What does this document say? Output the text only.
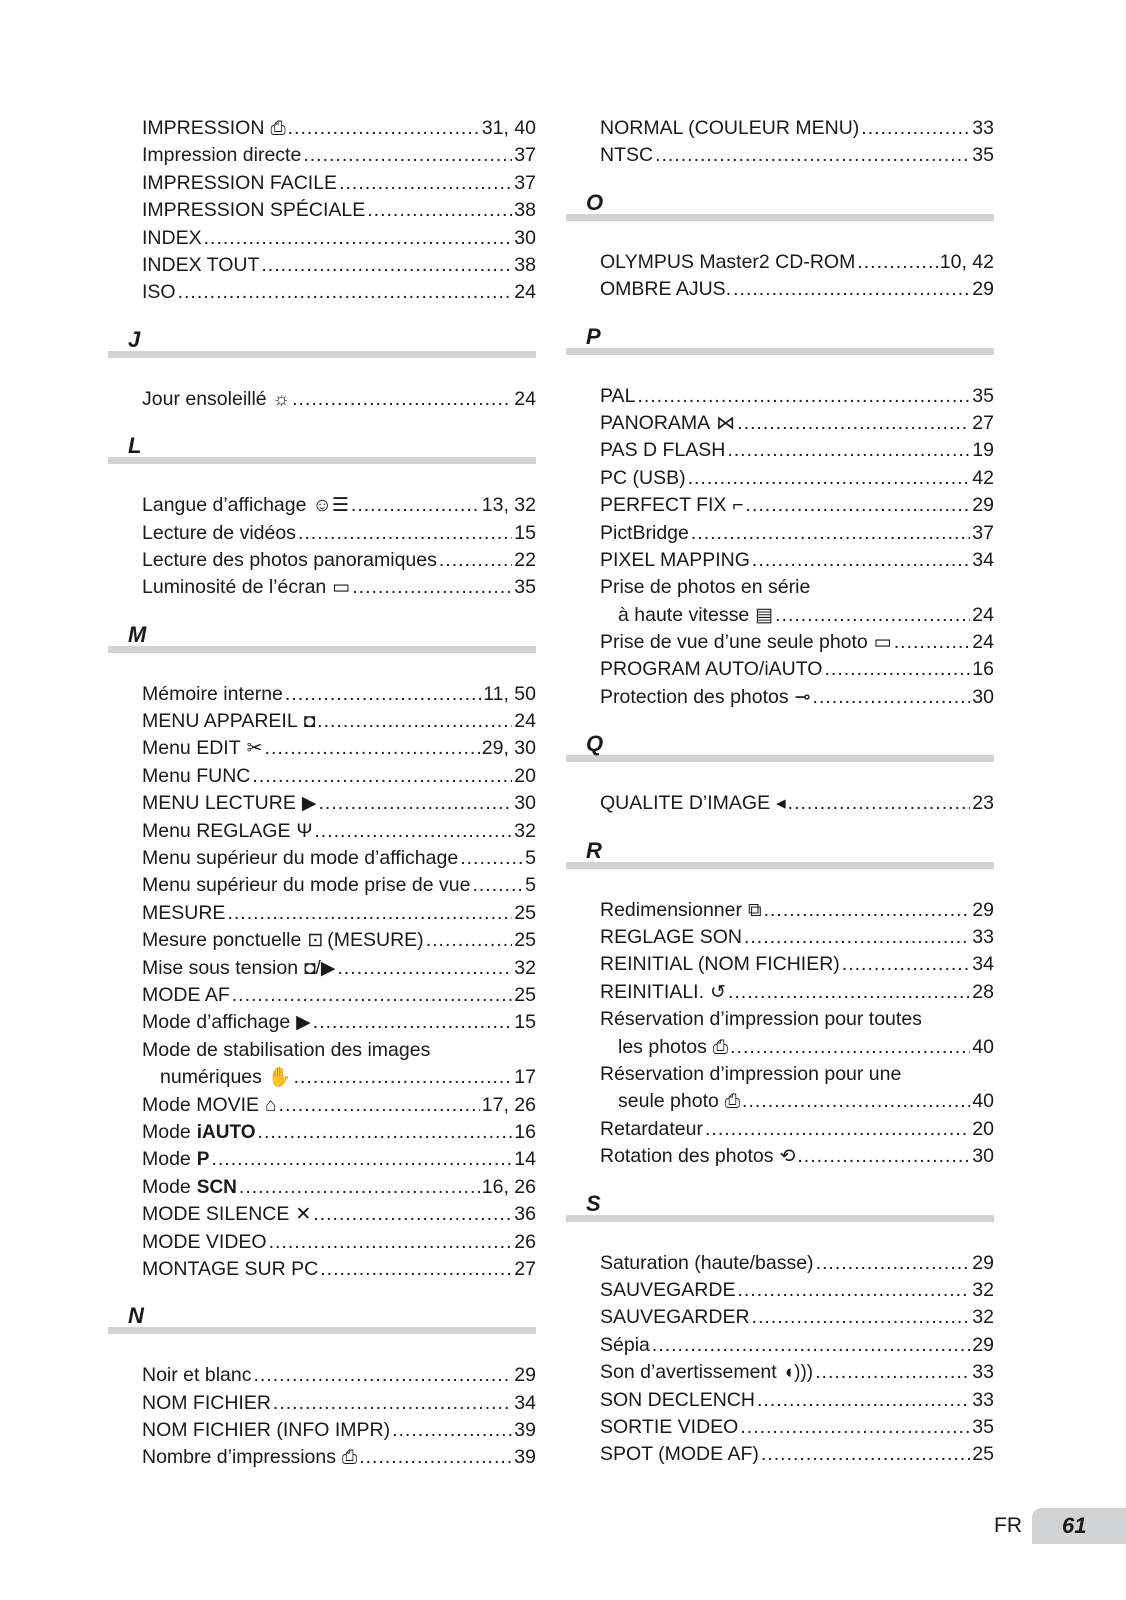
IMPRESSION ⎙ .....	31, 40
Impression directe .....	37
IMPRESSION FACILE .....	37
IMPRESSION SPÉCIALE .....	38
INDEX .....	30
INDEX TOUT .....	38
ISO .....	24
J
Jour ensoleillé ☼ .....	24
L
Langue d’affichage ☺☰ .....	13, 32
Lecture de vidéos .....	15
Lecture des photos panoramiques .....	22
Luminosité de l’écran ▭ .....	35
M
Mémoire interne .....	11, 50
MENU APPAREIL ◘ .....	24
Menu EDIT ✂ .....	29, 30
Menu FUNC .....	20
MENU LECTURE ▶ .....	30
Menu REGLAGE Ψ .....	32
Menu supérieur du mode d’affichage .....	5
Menu supérieur du mode prise de vue .....	5
MESURE .....	25
Mesure ponctuelle ⊡ (MESURE) .....	25
Mise sous tension ◘/▶ .....	32
MODE AF .....	25
Mode d’affichage ▶ .....	15
Mode de stabilisation des images
numériques ✋ .....	17
Mode MOVIE ⌂ .....	17, 26
Mode iAUTO .....	16
Mode P .....	14
Mode SCN .....	16, 26
MODE SILENCE ✕ .....	36
MODE VIDEO .....	26
MONTAGE SUR PC .....	27
N
Noir et blanc .....	29
NOM FICHIER .....	34
NOM FICHIER (INFO IMPR) .....	39
Nombre d’impressions ⎙ .....	39
NORMAL (COULEUR MENU) .....	33
NTSC .....	35
O
OLYMPUS Master2 CD-ROM .....	10, 42
OMBRE AJUS. .....	29
P
PAL .....	35
PANORAMA ⋈ .....	27
PAS D FLASH .....	19
PC (USB) .....	42
PERFECT FIX ⌐ .....	29
PictBridge .....	37
PIXEL MAPPING .....	34
Prise de photos en série
à haute vitesse ▤ .....	24
Prise de vue d’une seule photo ▭ .....	24
PROGRAM AUTO/iAUTO .....	16
Protection des photos ⊸ .....	30
Q
QUALITE D’IMAGE ◂ .....	23
R
Redimensionner ⧉ .....	29
REGLAGE SON .....	33
REINITIAL (NOM FICHIER) .....	34
REINITIALI. ↺ .....	28
Réservation d’impression pour toutes
les photos ⎙ .....	40
Réservation d’impression pour une
seule photo ⎙ .....	40
Retardateur .....	20
Rotation des photos ⟲ .....	30
S
Saturation (haute/basse) .....	29
SAUVEGARDE .....	32
SAUVEGARDER .....	32
Sépia .....	29
Son d’avertissement ◖))) .....	33
SON DECLENCH .....	33
SORTIE VIDEO .....	35
SPOT (MODE AF) .....	25
FR	61
